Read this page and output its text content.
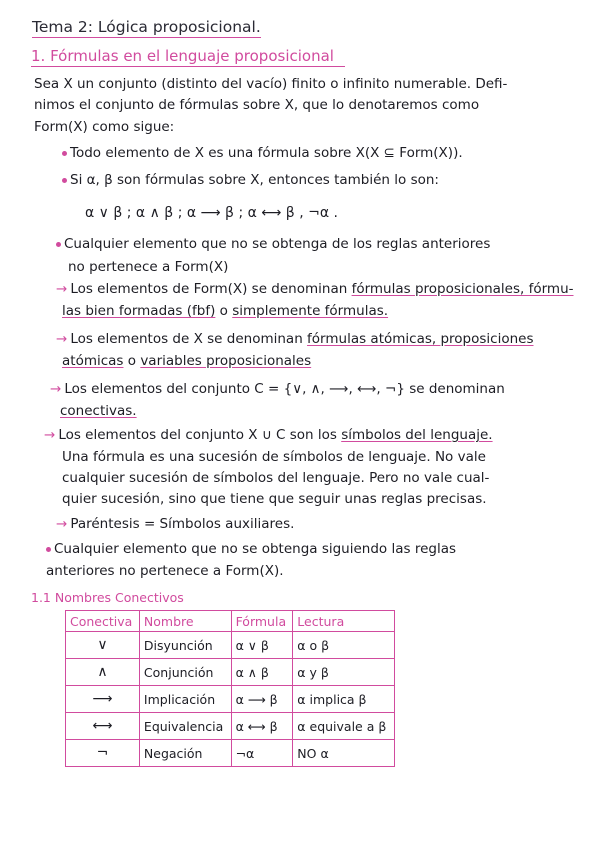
Tema 2: Lógica proposicional.
1. Fórmulas en el lenguaje proposicional
Sea X un conjunto (distinto del vacío) finito o infinito numerable. Defi-
nimos el conjunto de fórmulas sobre X, que lo denotaremos como
Form(X) como sigue:
Todo elemento de X es una fórmula sobre X(X ⊆ Form(X)).
Si α, β son fórmulas sobre X, entonces también lo son:
α ∨ β ; α ∧ β ; α ⟶ β ; α ⟷ β , ¬α .
Cualquier elemento que no se obtenga de los reglas anteriores
no pertenece a Form(X)
→ Los elementos de Form(X) se denominan fórmulas proposicionales, fórmu-
las bien formadas (fbf) o simplemente fórmulas.
→ Los elementos de X se denominan fórmulas atómicas, proposiciones
atómicas o variables proposicionales
→ Los elementos del conjunto C = {∨, ∧, ⟶, ⟷, ¬} se denominan
conectivas.
→ Los elementos del conjunto X ∪ C son los símbolos del lenguaje.
Una fórmula es una sucesión de símbolos de lenguaje. No vale
cualquier sucesión de símbolos del lenguaje. Pero no vale cual-
quier sucesión, sino que tiene que seguir unas reglas precisas.
→ Paréntesis = Símbolos auxiliares.
Cualquier elemento que no se obtenga siguiendo las reglas
anteriores no pertenece a Form(X).
1.1 Nombres Conectivos
Conectiva	Nombre	Fórmula	Lectura
∨	Disyunción	α ∨ β	α o β
∧	Conjunción	α ∧ β	α y β
⟶	Implicación	α ⟶ β	α implica β
⟷	Equivalencia	α ⟷ β	α equivale a β
¬	Negación	¬α	NO α
